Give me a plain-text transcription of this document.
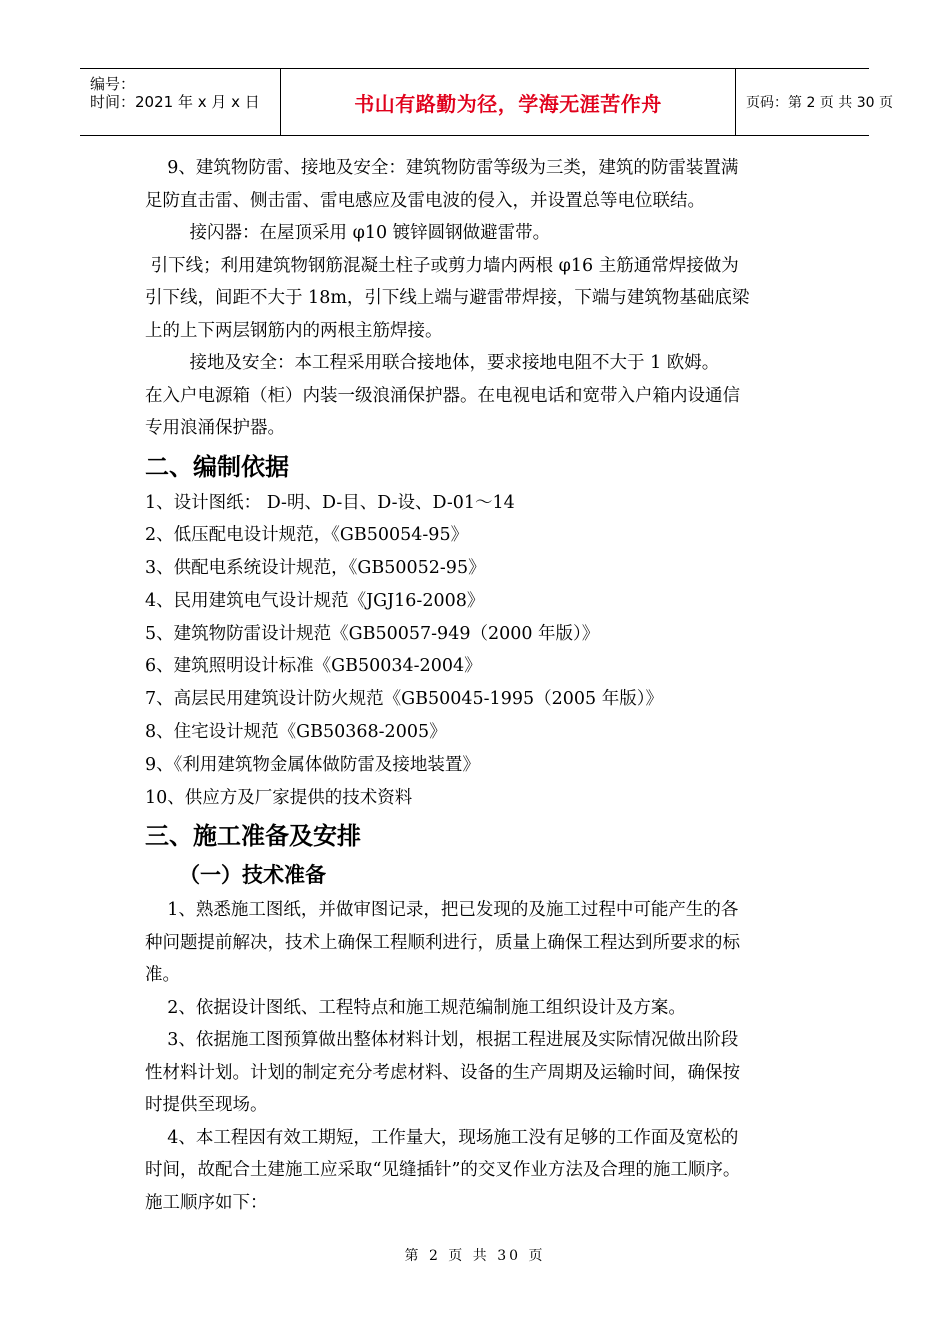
编号：
时间：2021 年 x 月 x 日	书山有路勤为径，学海无涯苦作舟	页码：第 2 页 共 30 页

9、建筑物防雷、接地及安全：建筑物防雷等级为三类，建筑的防雷装置满

足防直击雷、侧击雷、雷电感应及雷电波的侵入，并设置总等电位联结。

接闪器：在屋顶采用 φ10 镀锌圆钢做避雷带。

引下线；利用建筑物钢筋混凝土柱子或剪力墙内两根 φ16 主筋通常焊接做为

引下线，间距不大于 18m，引下线上端与避雷带焊接，下端与建筑物基础底梁

上的上下两层钢筋内的两根主筋焊接。

接地及安全：本工程采用联合接地体，要求接地电阻不大于 1 欧姆。

在入户电源箱（柜）内装一级浪涌保护器。在电视电话和宽带入户箱内设通信

专用浪涌保护器。

二、编制依据

1、设计图纸： D-明、D-目、D-设、D-01～14

2、低压配电设计规范，《GB50054-95》

3、供配电系统设计规范，《GB50052-95》

4、民用建筑电气设计规范《JGJ16-2008》

5、建筑物防雷设计规范《GB50057-949（2000 年版）》

6、建筑照明设计标准《GB50034-2004》

7、高层民用建筑设计防火规范《GB50045-1995（2005 年版）》

8、住宅设计规范《GB50368-2005》

9、《利用建筑物金属体做防雷及接地装置》

10、供应方及厂家提供的技术资料

三、施工准备及安排
（一）技术准备

1、熟悉施工图纸，并做审图记录，把已发现的及施工过程中可能产生的各

种问题提前解决，技术上确保工程顺利进行，质量上确保工程达到所要求的标

准。

2、依据设计图纸、工程特点和施工规范编制施工组织设计及方案。

3、依据施工图预算做出整体材料计划，根据工程进展及实际情况做出阶段

性材料计划。计划的制定充分考虑材料、设备的生产周期及运输时间，确保按

时提供至现场。

4、本工程因有效工期短，工作量大，现场施工没有足够的工作面及宽松的

时间，故配合土建施工应采取“见缝插针”的交叉作业方法及合理的施工顺序。

施工顺序如下：

第 2 页 共 30 页
